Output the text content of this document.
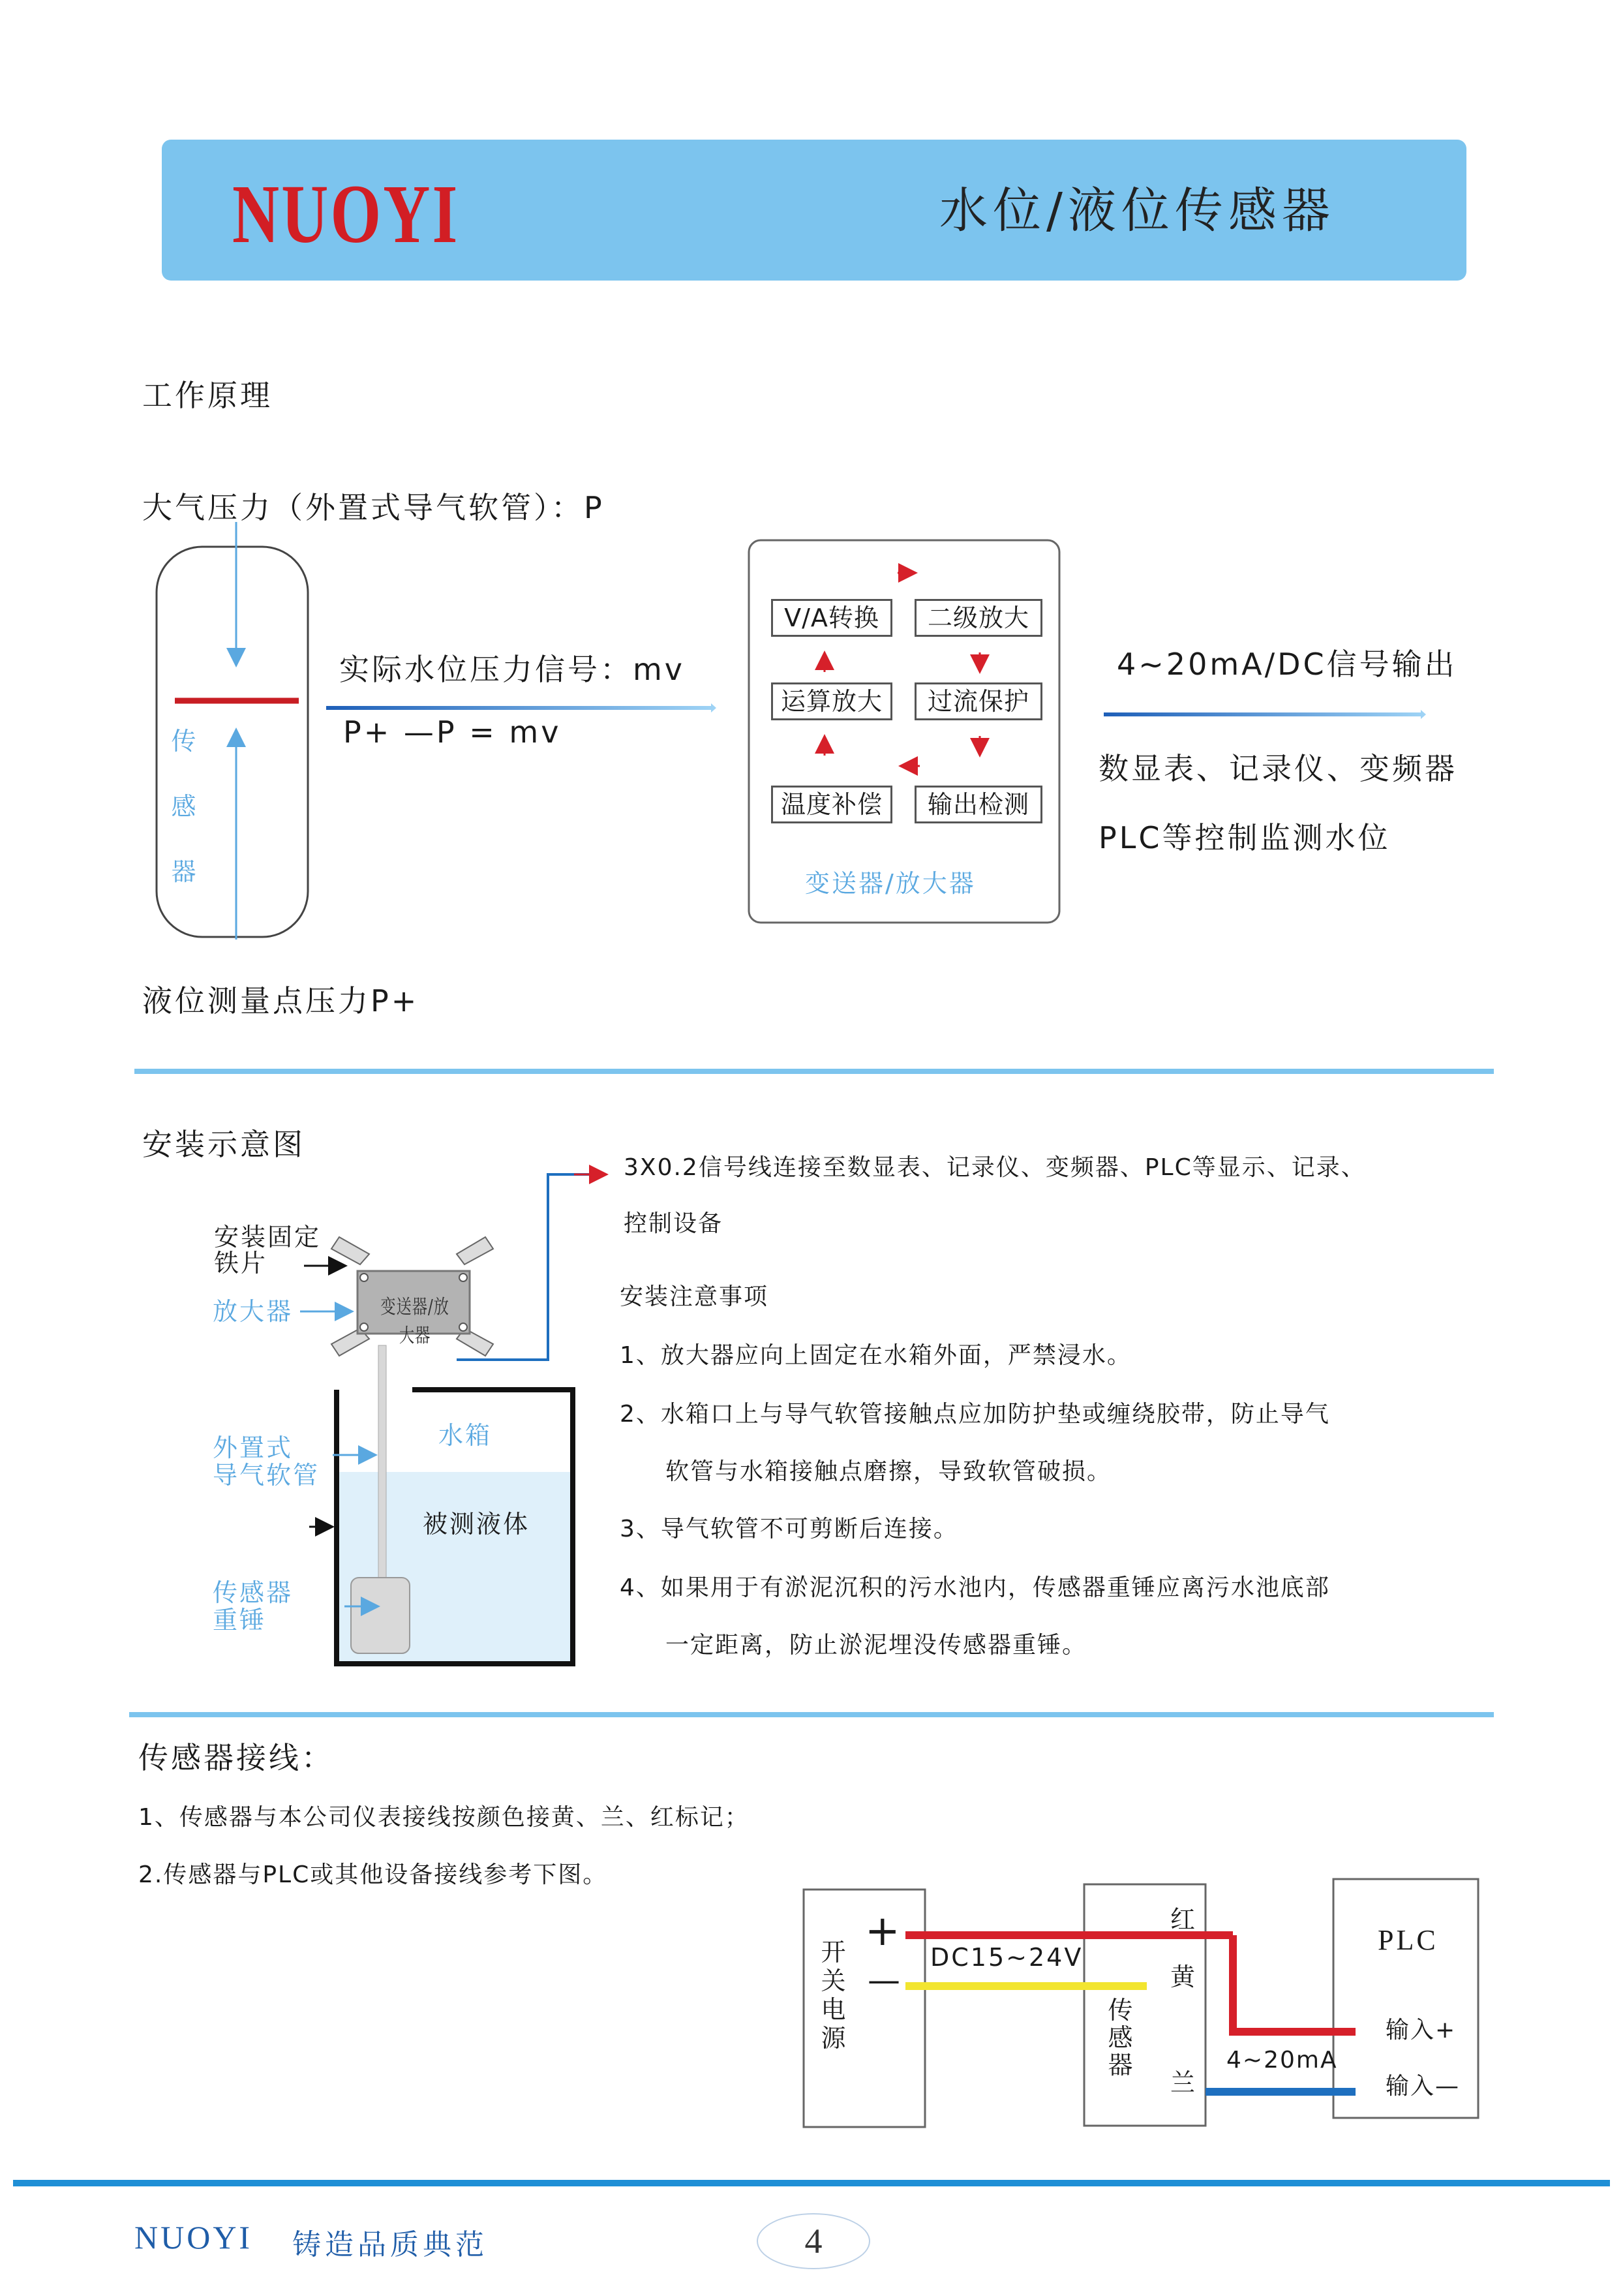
NUOYI	水位/液位传感器
工作原理
大气压力（外置式导气软管）：P
传
感
器
实际水位压力信号：mv
P+ —P = mv
液位测量点压力P+
V/A转换	二级放大
运算放大	过流保护
温度补偿	输出检测
变送器/放大器
4~20mA/DC信号输出
数显表、记录仪、变频器
PLC等控制监测水位
安装示意图
安装固定
铁片
放大器	变送器/放大器
外置式
导气软管
水箱
被测液体
传感器
重锤
3X0.2信号线连接至数显表、记录仪、变频器、PLC等显示、记录、
控制设备
安装注意事项
1、放大器应向上固定在水箱外面，严禁浸水。
2、水箱口上与导气软管接触点应加防护垫或缠绕胶带，防止导气
软管与水箱接触点磨擦，导致软管破损。
3、导气软管不可剪断后连接。
4、如果用于有淤泥沉积的污水池内，传感器重锤应离污水池底部
一定距离，防止淤泥埋没传感器重锤。
传感器接线：
1、传感器与本公司仪表接线按颜色接黄、兰、红标记；
2.传感器与PLC或其他设备接线参考下图。
开
关
电
源
+
—
DC15~24V
传
感
器
红
黄
兰
4~20mA
PLC
输入+
输入—
NUOYI 铸造品质典范	4
